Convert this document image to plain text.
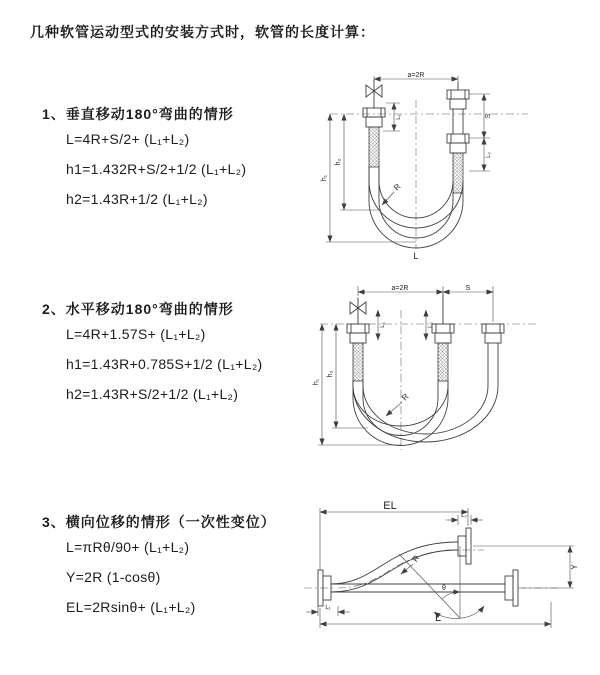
几种软管运动型式的安装方式时，软管的长度计算：
1、垂直移动180°弯曲的情形
L=4R+S/2+ (L₁+L₂)
h1=1.432R+S/2+1/2 (L₁+L₂)
h2=1.43R+1/2 (L₁+L₂)
2、水平移动180°弯曲的情形
L=4R+1.57S+ (L₁+L₂)
h1=1.43R+0.785S+1/2 (L₁+L₂)
h2=1.43R+S/2+1/2 (L₁+L₂)
3、横向位移的情形（一次性变位）
L=πRθ/90+ (L₁+L₂)
Y=2R (1-cosθ)
EL=2Rsinθ+ (L₁+L₂)
a=2R
L₁	S
L₂
h₂
h₁
R
L
a=2R	S
L₁	L₂
h₂
h₁
R
EL
L₂
Y
θ
R
L₁
L
